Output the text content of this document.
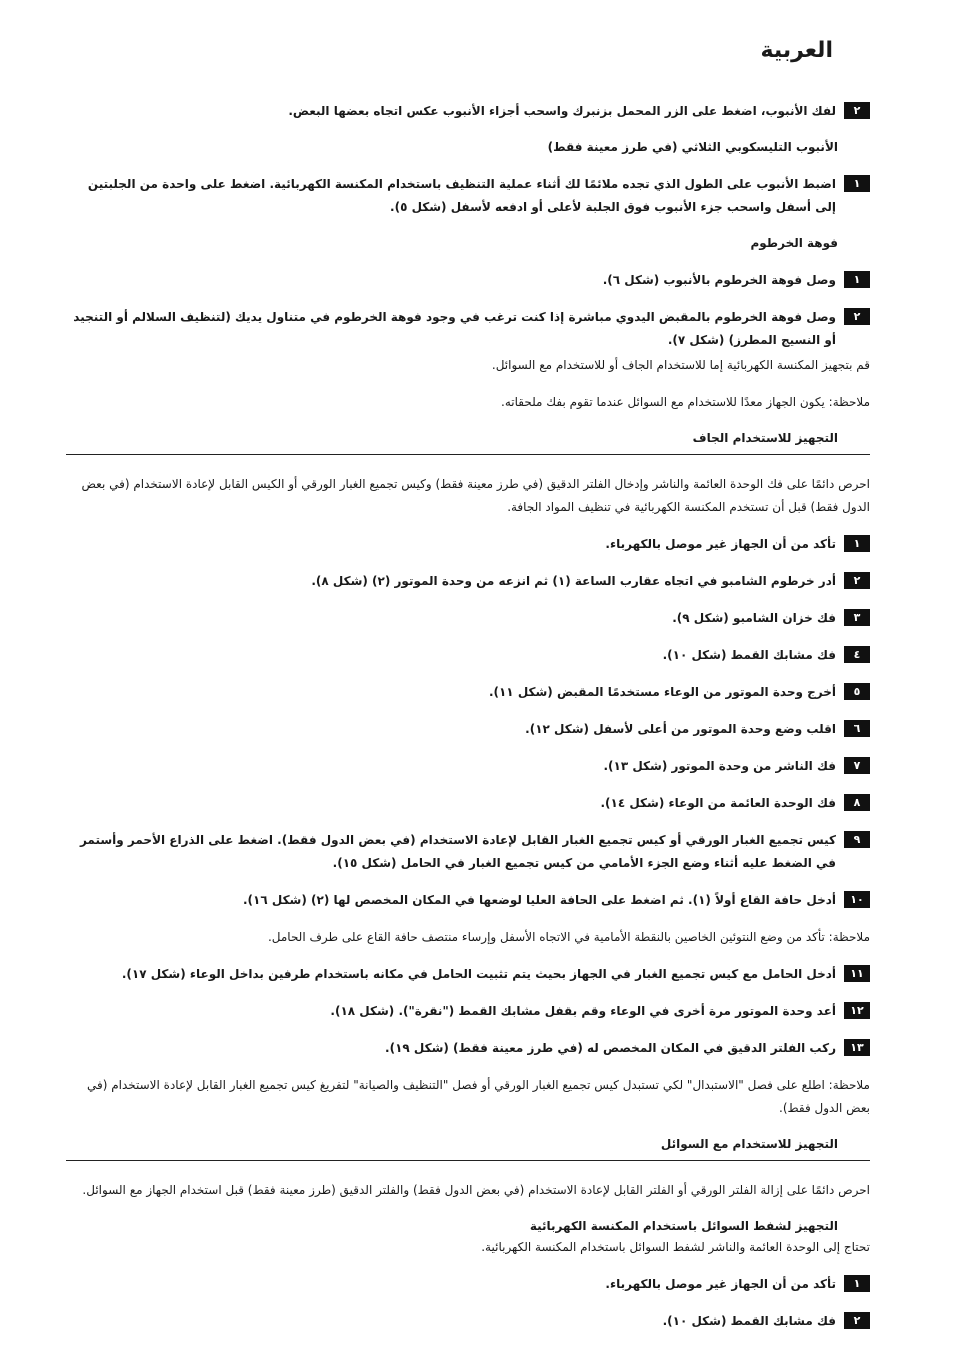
العربية
٢
لفك الأنبوب، اضغط على الزر المحمل بزنبرك واسحب أجزاء الأنبوب عكس اتجاه بعضها البعض.

الأنبوب التليسكوبي الثلاثي (في طرز معينة فقط)

١
اضبط الأنبوب على الطول الذي تجده ملائمًا لك أثناء عملية التنظيف باستخدام المكنسة الكهربائية. اضغط على واحدة من الجلبتين إلى أسفل واسحب جزء الأنبوب فوق الجلبة لأعلى أو ادفعه لأسفل (شكل ٥).

فوهة الخرطوم

١
وصل فوهة الخرطوم بالأنبوب (شكل ٦).
٢
وصل فوهة الخرطوم بالمقبض اليدوي مباشرة إذا كنت ترغب في وجود فوهة الخرطوم في متناول يديك (لتنظيف السلالم أو التنجيد أو النسيج المطرز) (شكل ٧).

قم بتجهيز المكنسة الكهربائية إما للاستخدام الجاف أو للاستخدام مع السوائل.

ملاحظة: يكون الجهاز معدًا للاستخدام مع السوائل عندما تقوم بفك ملحقاته.

التجهيز للاستخدام الجاف

احرص دائمًا على فك الوحدة العائمة والناشر وإدخال الفلتر الدقيق (في طرز معينة فقط) وكيس تجميع الغبار الورقي أو الكيس القابل لإعادة الاستخدام (في بعض الدول فقط) قبل أن تستخدم المكنسة الكهربائية في تنظيف المواد الجافة.

١
تأكد من أن الجهاز غير موصل بالكهرباء.
٢
أدر خرطوم الشامبو في اتجاه عقارب الساعة (١) ثم انزعه من وحدة الموتور (٢) (شكل ٨).
٣
فك خزان الشامبو (شكل ٩).
٤
فك مشابك القمط (شكل ١٠).
٥
أخرج وحدة الموتور من الوعاء مستخدمًا المقبض (شكل ١١).
٦
اقلب وضع وحدة الموتور من أعلى لأسفل (شكل ١٢).
٧
فك الناشر من وحدة الموتور (شكل ١٣).
٨
فك الوحدة العائمة من الوعاء (شكل ١٤).
٩
كيس تجميع الغبار الورقي أو كيس تجميع الغبار القابل لإعادة الاستخدام (في بعض الدول فقط). اضغط على الذراع الأحمر وأستمر في الضغط عليه أثناء وضع الجزء الأمامي من كيس تجميع الغبار في الحامل (شكل ١٥).
١٠
أدخل حافة القاع أولاً (١). ثم اضغط على الحافة العليا لوضعها في المكان المخصص لها (٢) (شكل ١٦).

ملاحظة: تأكد من وضع النتوئين الخاصين بالنقطة الأمامية في الاتجاه الأسفل وإرساء منتصف حافة القاع على طرف الحامل.

١١
أدخل الحامل مع كيس تجميع الغبار في الجهاز بحيث يتم تثبيت الحامل في مكانه باستخدام طرفين بداخل الوعاء (شكل ١٧).
١٢
أعد وحدة الموتور مرة أخرى في الوعاء وقم بقفل مشابك القمط ("نقرة"). (شكل ١٨).
١٣
ركب الفلتر الدقيق في المكان المخصص له (في طرز معينة فقط) (شكل ١٩).

ملاحظة: اطلع على فصل "الاستبدال" لكي تستبدل كيس تجميع الغبار الورقي أو فصل "التنظيف والصيانة" لتفريغ كيس تجميع الغبار القابل لإعادة الاستخدام (في بعض الدول فقط).

التجهيز للاستخدام مع السوائل

احرص دائمًا على إزالة الفلتر الورقي أو الفلتر القابل لإعادة الاستخدام (في بعض الدول فقط) والفلتر الدقيق (طرز معينة فقط) قبل استخدام الجهاز مع السوائل.

التجهيز لشفط السوائل باستخدام المكنسة الكهربائية

تحتاج إلى الوحدة العائمة والناشر لشفط السوائل باستخدام المكنسة الكهربائية.

١
تأكد من أن الجهاز غير موصل بالكهرباء.
٢
فك مشابك القمط (شكل ١٠).
